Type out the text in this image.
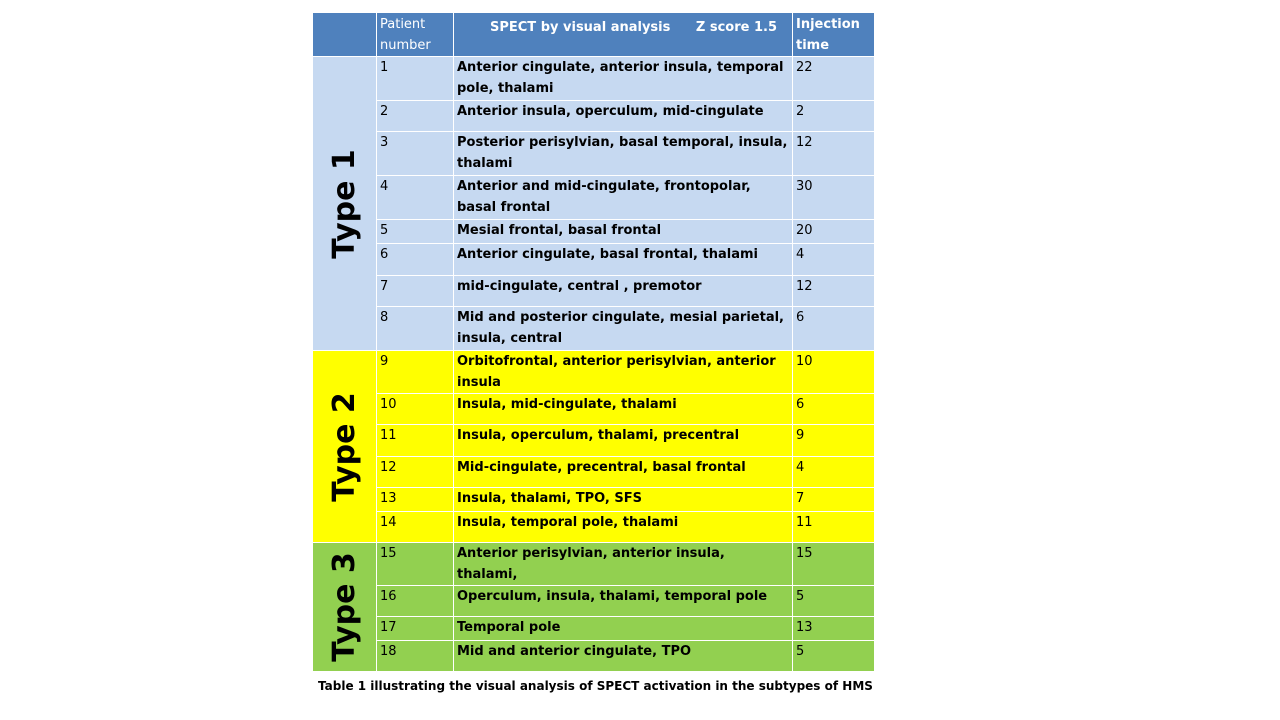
	Patient number	SPECT by visual analysis Z score 1.5	Injection time

Type 1	1	Anterior cingulate, anterior insula, temporal pole, thalami	22
	2	Anterior insula, operculum, mid-cingulate	2
	3	Posterior perisylvian, basal temporal, insula, thalami	12
	4	Anterior and mid-cingulate, frontopolar, basal frontal	30
	5	Mesial frontal, basal frontal	20
	6	Anterior cingulate, basal frontal, thalami	4
	7	mid-cingulate, central , premotor	12
	8	Mid and posterior cingulate, mesial parietal, insula, central	6

Type 2	9	Orbitofrontal, anterior perisylvian, anterior insula	10
	10	Insula, mid-cingulate, thalami	6
	11	Insula, operculum, thalami, precentral	9
	12	Mid-cingulate, precentral, basal frontal	4
	13	Insula, thalami, TPO, SFS	7
	14	Insula, temporal pole, thalami	11

Type 3	15	Anterior perisylvian, anterior insula, thalami,	15
	16	Operculum, insula, thalami, temporal pole	5
	17	Temporal pole	13
	18	Mid and anterior cingulate, TPO	5
Table 1 illustrating the visual analysis of SPECT activation in the subtypes of HMS
